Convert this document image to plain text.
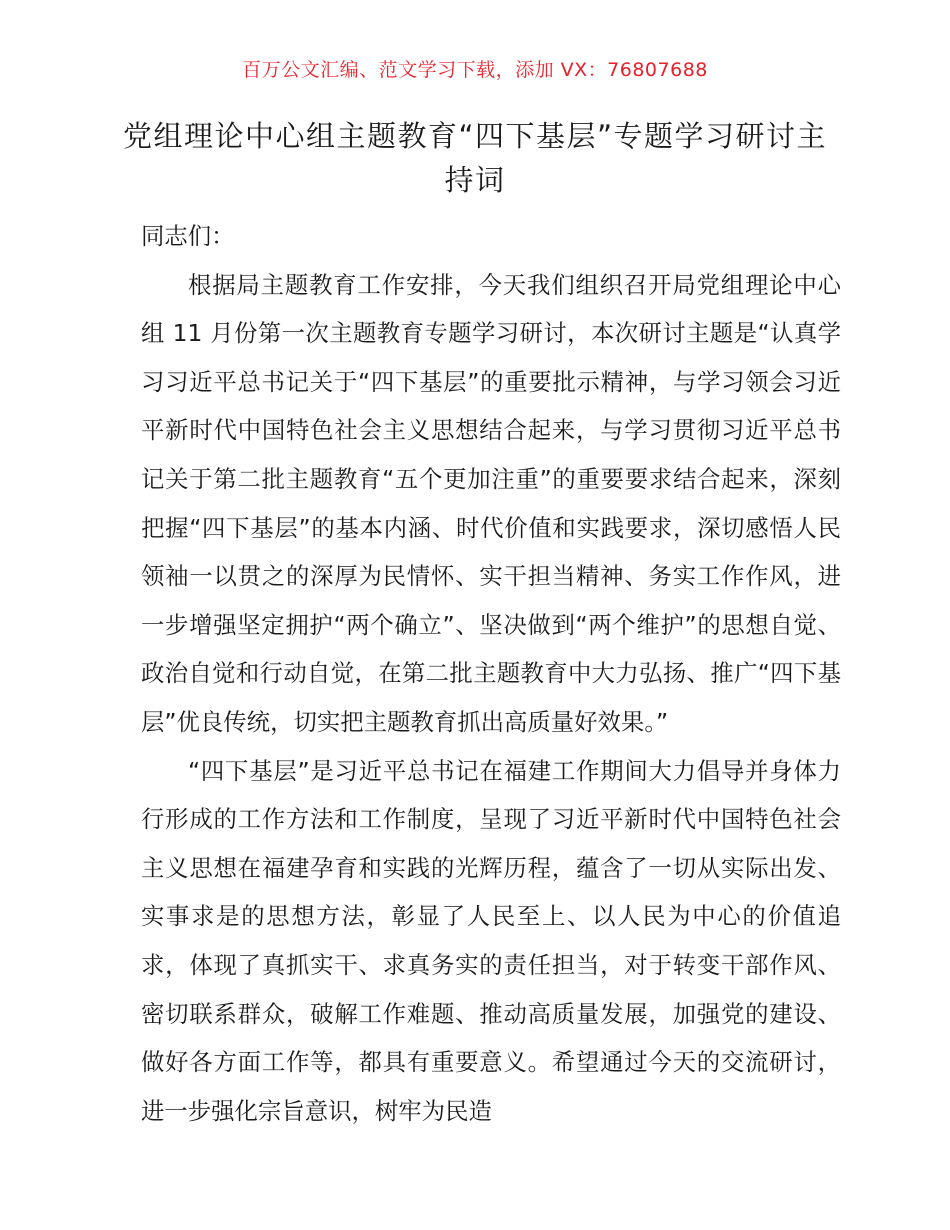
百万公文汇编、范文学习下载，添加 VX：76807688
党组理论中心组主题教育“四下基层”专题学习研讨主持词

同志们：

根据局主题教育工作安排，今天我们组织召开局党组理论中心组 11 月份第一次主题教育专题学习研讨，本次研讨主题是“认真学习习近平总书记关于“四下基层”的重要批示精神，与学习领会习近平新时代中国特色社会主义思想结合起来，与学习贯彻习近平总书记关于第二批主题教育“五个更加注重”的重要要求结合起来，深刻把握“四下基层”的基本内涵、时代价值和实践要求，深切感悟人民领袖一以贯之的深厚为民情怀、实干担当精神、务实工作作风，进一步增强坚定拥护“两个确立”、坚决做到“两个维护”的思想自觉、政治自觉和行动自觉，在第二批主题教育中大力弘扬、推广“四下基层”优良传统，切实把主题教育抓出高质量好效果。”

“四下基层”是习近平总书记在福建工作期间大力倡导并身体力行形成的工作方法和工作制度，呈现了习近平新时代中国特色社会主义思想在福建孕育和实践的光辉历程，蕴含了一切从实际出发、实事求是的思想方法，彰显了人民至上、以人民为中心的价值追求，体现了真抓实干、求真务实的责任担当，对于转变干部作风、密切联系群众，破解工作难题、推动高质量发展，加强党的建设、做好各方面工作等，都具有重要意义。希望通过今天的交流研讨，进一步强化宗旨意识，树牢为民造
